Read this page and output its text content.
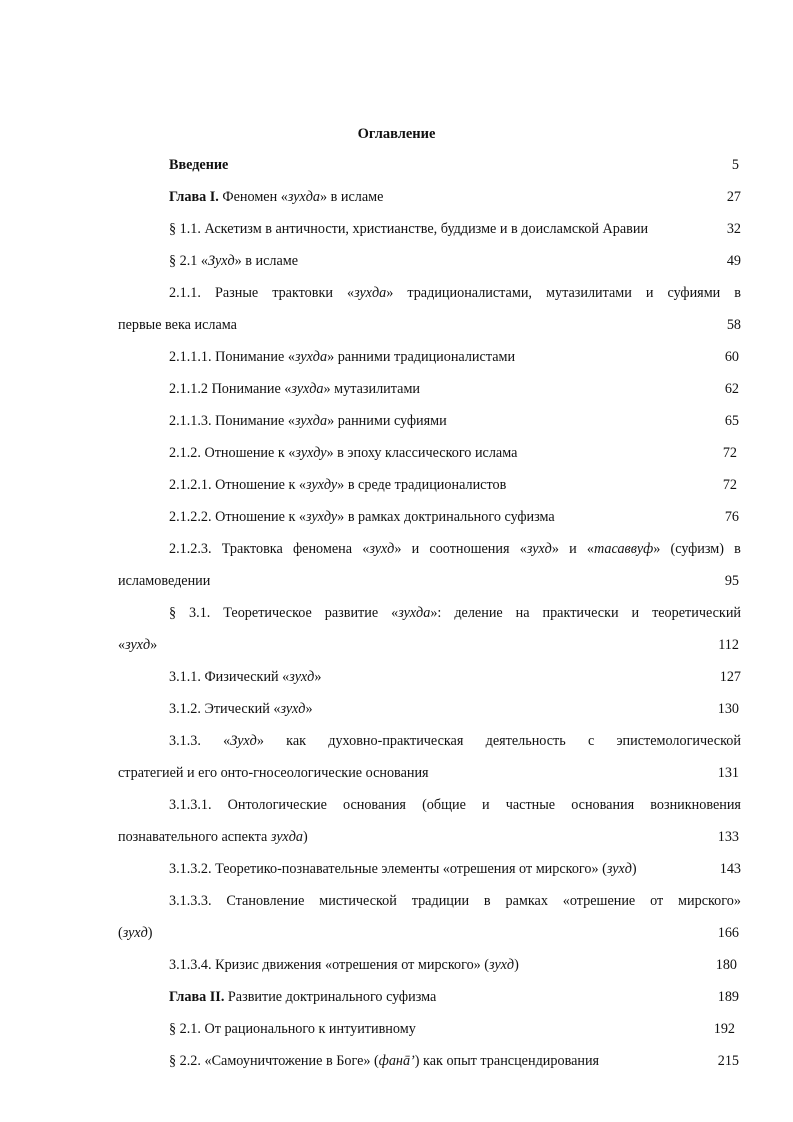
Оглавление
Введение	5
Глава I. Феномен «зухда» в исламе	27
§ 1.1. Аскетизм в античности, христианстве, буддизме и в доисламской Аравии	32
§ 2.1 «Зухд» в исламе	49
2.1.1. Разные трактовки «зухда» традиционалистами, мутазилитами и суфиями в
первые века ислама	58
2.1.1.1. Понимание «зухда» ранними традиционалистами	60
2.1.1.2 Понимание «зухда» мутазилитами	62
2.1.1.3. Понимание «зухда» ранними суфиями	65
2.1.2. Отношение к «зухду» в эпоху классического ислама	72
2.1.2.1. Отношение к «зухду» в среде традиционалистов	72
2.1.2.2. Отношение к «зухду» в рамках доктринального суфизма	76
2.1.2.3. Трактовка феномена «зухд» и соотношения «зухд» и «тасаввуф» (суфизм) в
исламоведении	95
§ 3.1. Теоретическое развитие «зухда»: деление на практически и теоретический
«зухд»	112
3.1.1. Физический «зухд»	127
3.1.2. Этический «зухд»	130
3.1.3. «Зухд» как духовно-практическая деятельность с эпистемологической
стратегией и его онто-гносеологические основания	131
3.1.3.1. Онтологические основания (общие и частные основания возникновения
познавательного аспекта зухда)	133
3.1.3.2. Теоретико-познавательные элементы «отрешения от мирского» (зухд)	143
3.1.3.3. Становление мистической традиции в рамках «отрешение от мирского»
(зухд)	166
3.1.3.4. Кризис движения «отрешения от мирского» (зухд)	180
Глава II. Развитие доктринального суфизма	189
§ 2.1. От рационального к интуитивному	192
§ 2.2. «Самоуничтожение в Боге» (фанā’) как опыт трансцендирования	215
